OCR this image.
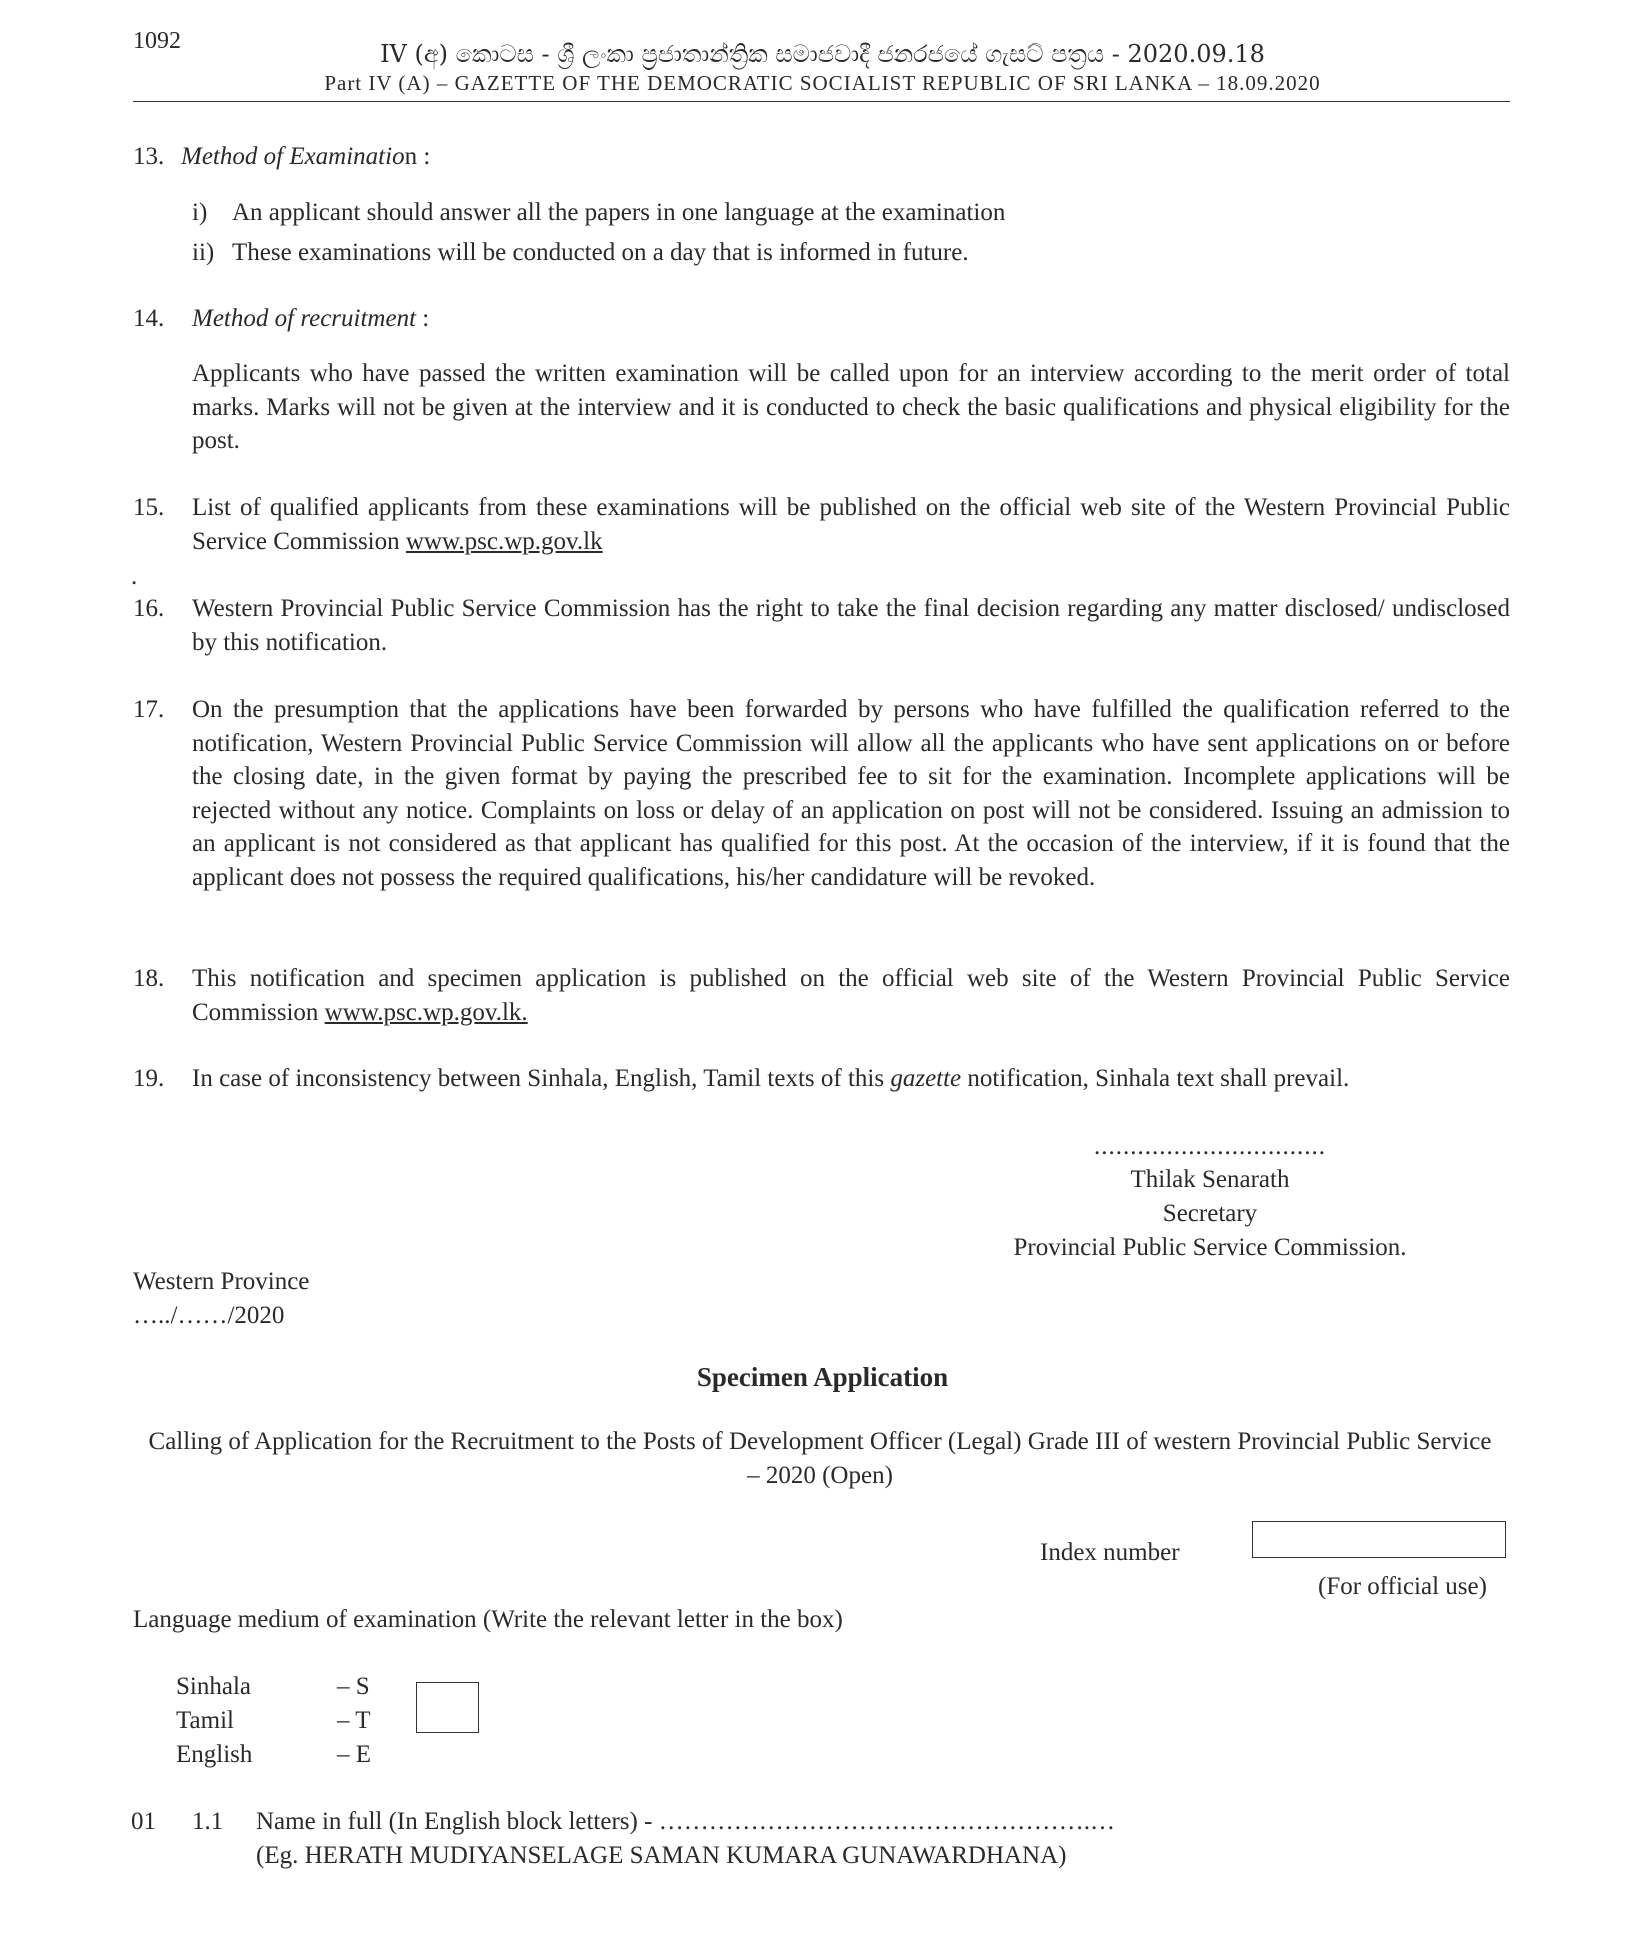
1092	IV (අ) කොටස - ශ්‍රී ලංකා ප්‍රජාතාන්ත්‍රික සමාජවාදී ජනරජයේ ගැසට් පත්‍රය - 2020.09.18
Part IV (A) – GAZETTE OF THE DEMOCRATIC SOCIALIST REPUBLIC OF SRI LANKA – 18.09.2020
13. Method of Examination :
i) An applicant should answer all the papers in one language at the examination
ii) These examinations will be conducted on a day that is informed in future.
14. Method of recruitment :
Applicants who have passed the written examination will be called upon for an interview according to the merit order of total marks. Marks will not be given at the interview and it is conducted to check the basic qualifications and physical eligibility for the post.
15. List of qualified applicants from these examinations will be published on the official web site of the Western Provincial Public Service Commission www.psc.wp.gov.lk
.
16. Western Provincial Public Service Commission has the right to take the final decision regarding any matter disclosed/ undisclosed by this notification.
17. On the presumption that the applications have been forwarded by persons who have fulfilled the qualification referred to the notification, Western Provincial Public Service Commission will allow all the applicants who have sent applications on or before the closing date, in the given format by paying the prescribed fee to sit for the examination. Incomplete applications will be rejected without any notice. Complaints on loss or delay of an application on post will not be considered. Issuing an admission to an applicant is not considered as that applicant has qualified for this post. At the occasion of the interview, if it is found that the applicant does not possess the required qualifications, his/her candidature will be revoked.
18. This notification and specimen application is published on the official web site of the Western Provincial Public Service Commission www.psc.wp.gov.lk.
19. In case of inconsistency between Sinhala, English, Tamil texts of this gazette notification, Sinhala text shall prevail.
................................
Thilak Senarath
Secretary
Provincial Public Service Commission.
Western Province
…../……/2020
Specimen Application
Calling of Application for the Recruitment to the Posts of Development Officer (Legal) Grade III of western Provincial Public Service – 2020 (Open)
Index number
(For official use)
Language medium of examination (Write the relevant letter in the box)
Sinhala	– S
Tamil	– T
English	– E
01 1.1 Name in full (In English block letters) - …………………………………………….…
(Eg. HERATH MUDIYANSELAGE SAMAN KUMARA GUNAWARDHANA)
